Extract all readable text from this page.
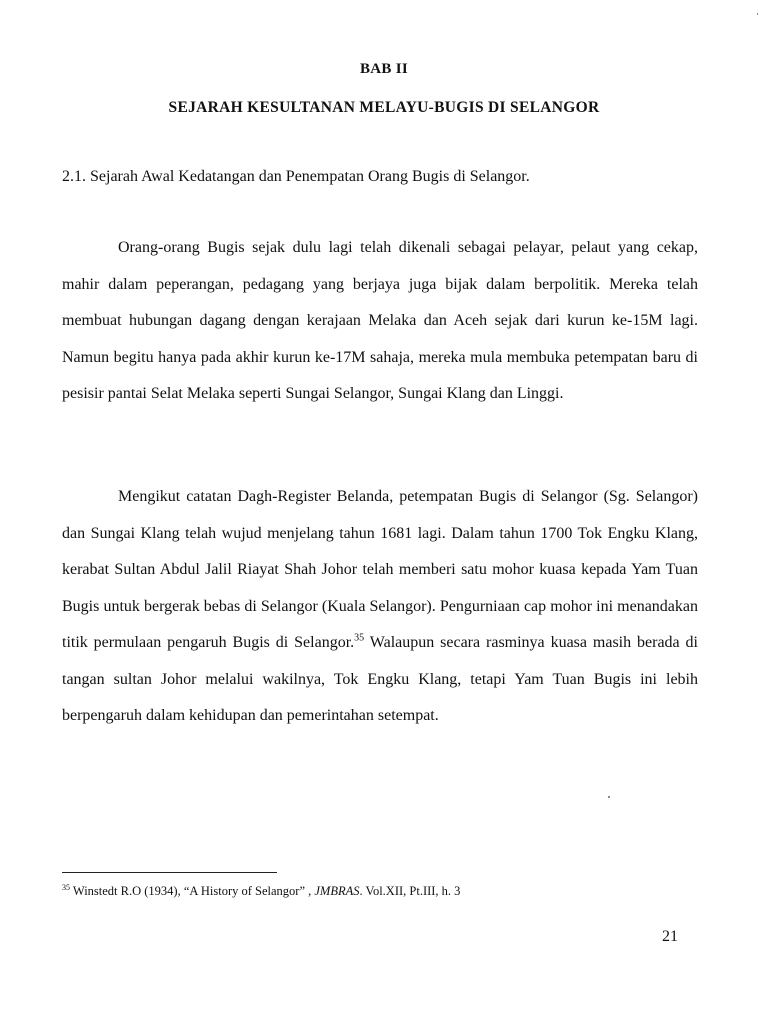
BAB II
SEJARAH KESULTANAN MELAYU-BUGIS DI SELANGOR
2.1. Sejarah Awal Kedatangan dan Penempatan Orang Bugis di Selangor.

Orang-orang Bugis sejak dulu lagi telah dikenali sebagai pelayar, pelaut yang cekap, mahir dalam peperangan, pedagang yang berjaya juga bijak dalam berpolitik. Mereka telah membuat hubungan dagang dengan kerajaan Melaka dan Aceh sejak dari kurun ke-15M lagi. Namun begitu hanya pada akhir kurun ke-17M sahaja, mereka mula membuka petempatan baru di pesisir pantai Selat Melaka seperti Sungai Selangor, Sungai Klang dan Linggi.

Mengikut catatan Dagh-Register Belanda, petempatan Bugis di Selangor (Sg. Selangor) dan Sungai Klang telah wujud menjelang tahun 1681 lagi. Dalam tahun 1700 Tok Engku Klang, kerabat Sultan Abdul Jalil Riayat Shah Johor telah memberi satu mohor kuasa kepada Yam Tuan Bugis untuk bergerak bebas di Selangor (Kuala Selangor). Pengurniaan cap mohor ini menandakan titik permulaan pengaruh Bugis di Selangor.$^{35}$ Walaupun secara rasminya kuasa masih berada di tangan sultan Johor melalui wakilnya, Tok Engku Klang, tetapi Yam Tuan Bugis ini lebih berpengaruh dalam kehidupan dan pemerintahan setempat.

$^{35}$ Winstedt R.O (1934), “A History of Selangor” , JMBRAS. Vol.XII, Pt.III, h. 3
21
